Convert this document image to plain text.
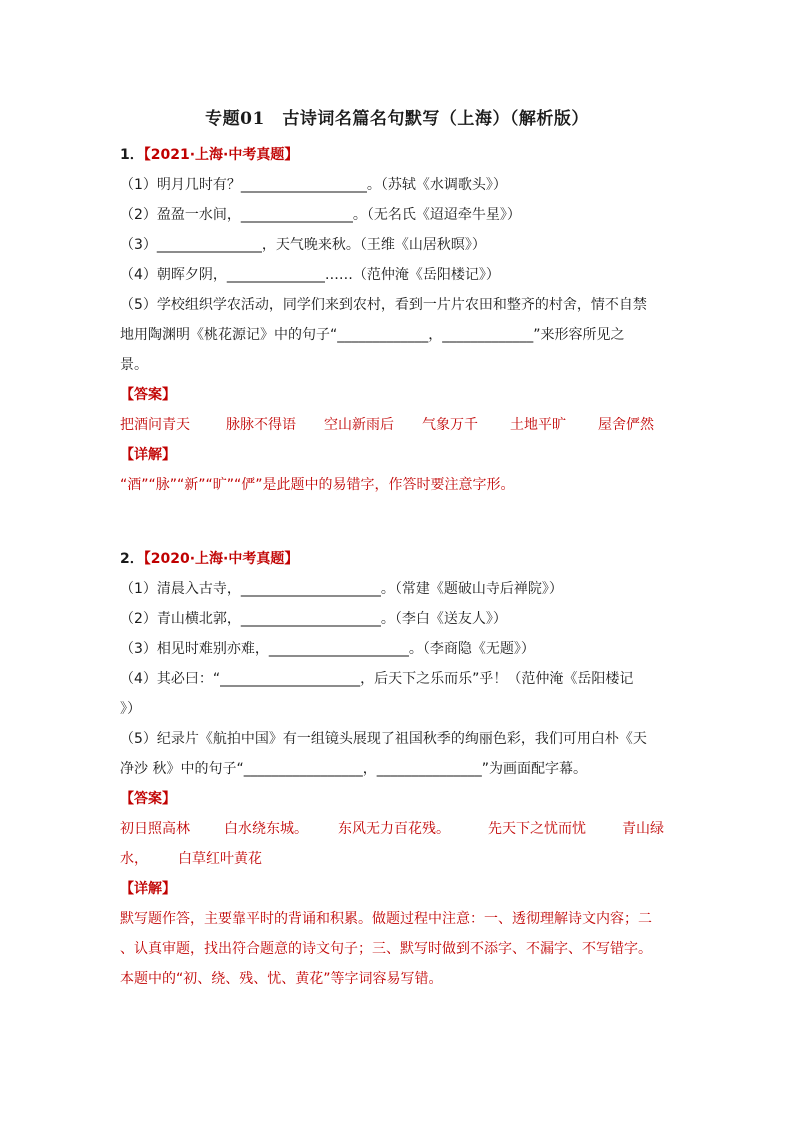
专题01　古诗词名篇名句默写（上海）（解析版）
1．【2021·上海·中考真题】
（1）明月几时有？__________________。（苏轼《水调歌头》）
（2）盈盈一水间，________________。（无名氏《迢迢牵牛星》）
（3）_______________，天气晚来秋。（王维《山居秋暝》）
（4）朝晖夕阴，______________……（范仲淹《岳阳楼记》）
（5）学校组织学农活动，同学们来到农村，看到一片片农田和整齐的村舍，情不自禁
地用陶渊明《桃花源记》中的句子“_____________，_____________”来形容所见之
景。
【答案】
把酒问青天	脉脉不得语	空山新雨后	气象万千	土地平旷	屋舍俨然
【详解】
“酒”“脉”“新”“旷”“俨”是此题中的易错字，作答时要注意字形。
2．【2020·上海·中考真题】
（1）清晨入古寺，____________________。（常建《题破山寺后禅院》）
（2）青山横北郭，____________________。（李白《送友人》）
（3）相见时难别亦难，____________________。（李商隐《无题》）
（4）其必曰：“____________________，后天下之乐而乐”乎！（范仲淹《岳阳楼记
》）
（5）纪录片《航拍中国》有一组镜头展现了祖国秋季的绚丽色彩，我们可用白朴《天
净沙 秋》中的句子“_________________，_______________”为画面配字幕。
【答案】
初日照高林	白水绕东城。	东风无力百花残。	先天下之忧而忧	青山绿
水，	白草红叶黄花
【详解】
默写题作答，主要靠平时的背诵和积累。做题过程中注意：一、透彻理解诗文内容；二
、认真审题，找出符合题意的诗文句子；三、默写时做到不添字、不漏字、不写错字。
本题中的“初、绕、残、忧、黄花”等字词容易写错。
